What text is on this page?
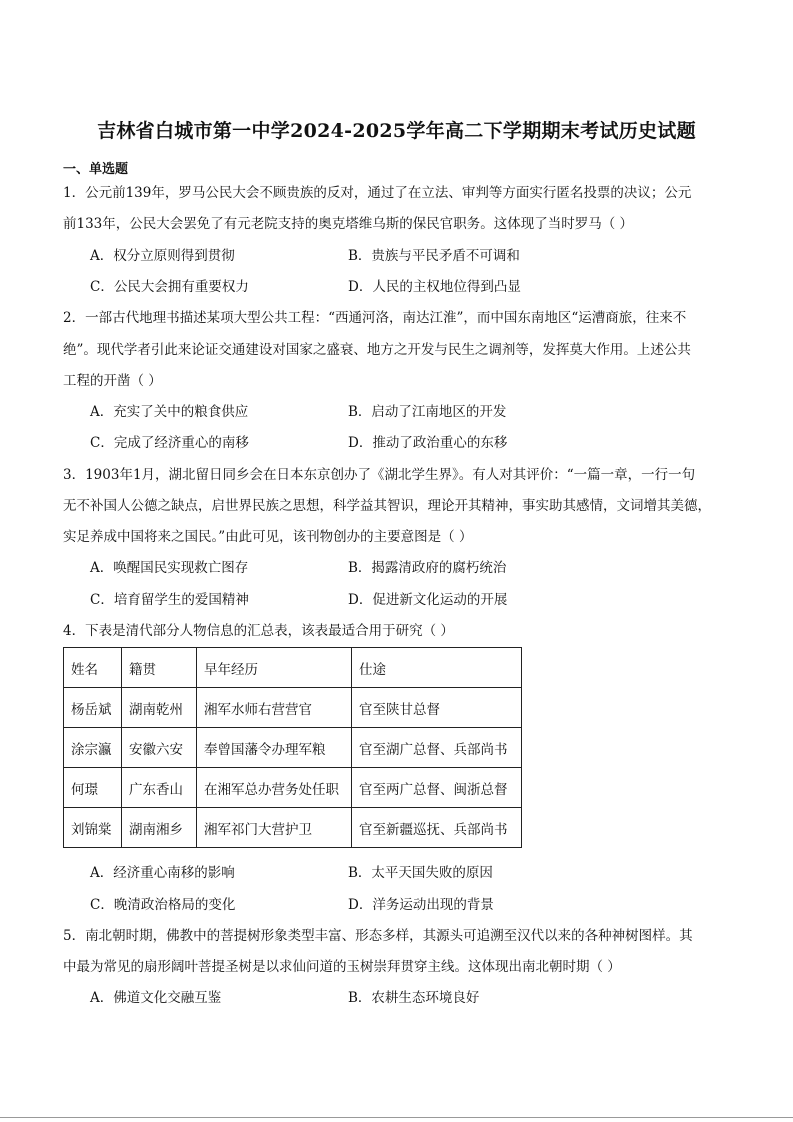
吉林省白城市第一中学2024-2025学年高二下学期期末考试历史试题
一、单选题
1．公元前139年，罗马公民大会不顾贵族的反对，通过了在立法、审判等方面实行匿名投票的决议；公元
前133年，公民大会罢免了有元老院支持的奥克塔维乌斯的保民官职务。这体现了当时罗马（ ）
A．权分立原则得到贯彻	B．贵族与平民矛盾不可调和
C．公民大会拥有重要权力	D．人民的主权地位得到凸显
2．一部古代地理书描述某项大型公共工程：“西通河洛，南达江淮”，而中国东南地区“运漕商旅，往来不
绝”。现代学者引此来论证交通建设对国家之盛衰、地方之开发与民生之调剂等，发挥莫大作用。上述公共
工程的开凿（ ）
A．充实了关中的粮食供应	B．启动了江南地区的开发
C．完成了经济重心的南移	D．推动了政治重心的东移
3．1903年1月，湖北留日同乡会在日本东京创办了《湖北学生界》。有人对其评价：“一篇一章，一行一句
无不补国人公德之缺点，启世界民族之思想，科学益其智识，理论开其精神，事实助其感情，文词增其美德，
实足养成中国将来之国民。”由此可见，该刊物创办的主要意图是（ ）
A．唤醒国民实现救亡图存	B．揭露清政府的腐朽统治
C．培育留学生的爱国精神	D．促进新文化运动的开展
4．下表是清代部分人物信息的汇总表，该表最适合用于研究（ ）
姓名	籍贯	早年经历	仕途
杨岳斌	湖南乾州	湘军水师右营营官	官至陕甘总督
涂宗瀛	安徽六安	奉曾国藩令办理军粮	官至湖广总督、兵部尚书
何璟	广东香山	在湘军总办营务处任职	官至两广总督、闽浙总督
刘锦棠	湖南湘乡	湘军祁门大营护卫	官至新疆巡抚、兵部尚书
A．经济重心南移的影响	B．太平天国失败的原因
C．晚清政治格局的变化	D．洋务运动出现的背景
5．南北朝时期，佛教中的菩提树形象类型丰富、形态多样，其源头可追溯至汉代以来的各种神树图样。其
中最为常见的扇形阔叶菩提圣树是以求仙问道的玉树崇拜贯穿主线。这体现出南北朝时期（ ）
A．佛道文化交融互鉴	B．农耕生态环境良好
